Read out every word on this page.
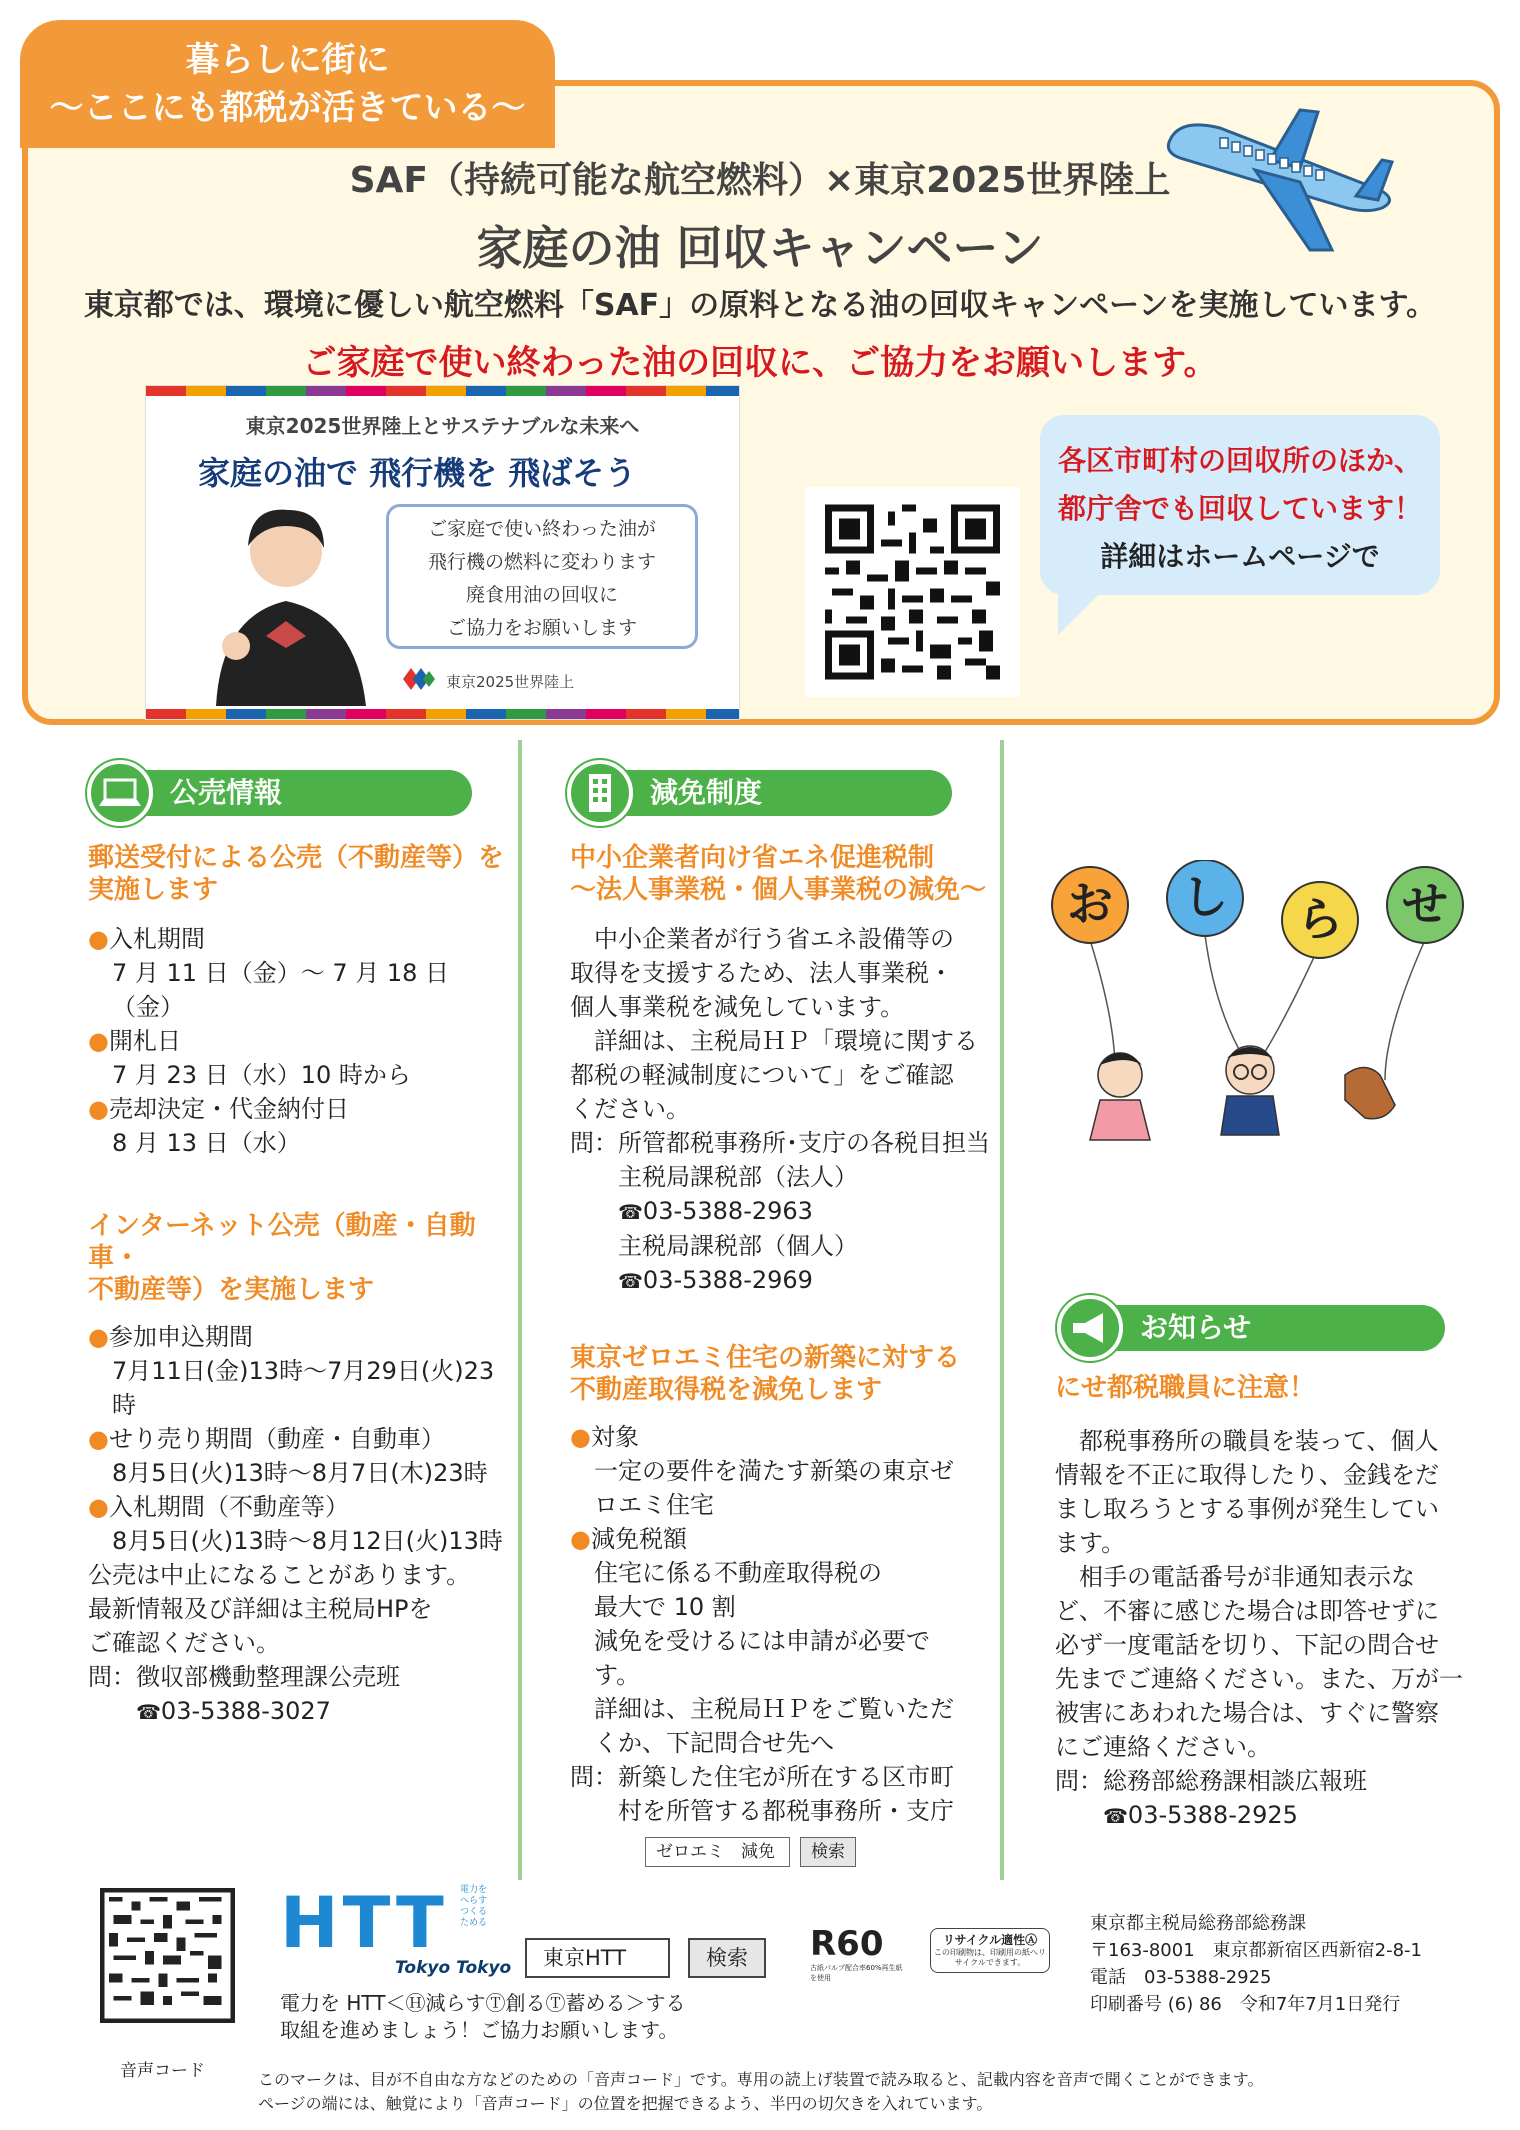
暮らしに街に
〜ここにも都税が活きている〜
SAF（持続可能な航空燃料）×東京2025世界陸上
家庭の油 回収キャンペーン
東京都では、環境に優しい航空燃料「SAF」の原料となる油の回収キャンペーンを実施しています。
ご家庭で使い終わった油の回収に、ご協力をお願いします。
東京2025世界陸上とサステナブルな未来へ
家庭の油で 飛行機を 飛ばそう
ご家庭で使い終わった油が
飛行機の燃料に変わります
廃食用油の回収に
ご協力をお願いします
東京2025世界陸上
各区市町村の回収所のほか、
都庁舎でも回収しています！
詳細はホームページで
公売情報
郵送受付による公売（不動産等）を
実施します
● 入札期間
7 月 11 日（金）〜 7 月 18 日（金）
● 開札日
7 月 23 日（水）10 時から
● 売却決定・代金納付日
8 月 13 日（水）
インターネット公売（動産・自動車・
不動産等）を実施します
● 参加申込期間
7月11日(金)13時〜7月29日(火)23時
● せり売り期間（動産・自動車）
8月5日(火)13時〜8月7日(木)23時
● 入札期間（不動産等）
8月5日(火)13時〜8月12日(火)13時
公売は中止になることがあります。
最新情報及び詳細は主税局HPを
ご確認ください。
問：徴収部機動整理課公売班
☎ 03-5388-3027
減免制度
中小企業者向け省エネ促進税制
〜法人事業税・個人事業税の減免〜
中小企業者が行う省エネ設備等の
取得を支援するため、法人事業税・
個人事業税を減免しています。
詳細は、主税局ＨＰ「環境に関する
都税の軽減制度について」をご確認
ください。
問：所管都税事務所･支庁の各税目担当
主税局課税部（法人）
☎ 03-5388-2963
主税局課税部（個人）
☎ 03-5388-2969
東京ゼロエミ住宅の新築に対する
不動産取得税を減免します
● 対象
一定の要件を満たす新築の東京ゼ
ロエミ住宅
● 減免税額
住宅に係る不動産取得税の
最大で 10 割
減免を受けるには申請が必要で
す。
詳細は、主税局ＨＰをご覧いただ
くか、下記問合せ先へ
問：新築した住宅が所在する区市町
村を所管する都税事務所・支庁
ゼロエミ　減免	検索
お し ら せ
お知らせ
にせ都税職員に注意！
都税事務所の職員を装って、個人
情報を不正に取得したり、金銭をだ
まし取ろうとする事例が発生してい
ます。
相手の電話番号が非通知表示な
ど、不審に感じた場合は即答せずに
必ず一度電話を切り、下記の問合せ
先までご連絡ください。また、万が一
被害にあわれた場合は、すぐに警察
にご連絡ください。
問：総務部総務課相談広報班
☎ 03-5388-2925
HTT 電力を
へらす
つくる
ためる
Tokyo Tokyo	東京HTT	検索
電力を HTT＜Ⓗ減らすⓉ創るⓉ蓄める＞する
取組を進めましょう！ご協力お願いします。
R60
古紙パルプ配合率60%再生紙を使用
リサイクル適性Ⓐ
この印刷物は、印刷用の紙へリサイクルできます。
東京都主税局総務部総務課
〒163-8001　東京都新宿区西新宿2-8-1
電話　03-5388-2925
印刷番号 (6) 86　令和7年7月1日発行
音声コード	このマークは、目が不自由な方などのための「音声コード」です。専用の読上げ装置で読み取ると、記載内容を音声で聞くことができます。
ページの端には、触覚により「音声コード」の位置を把握できるよう、半円の切欠きを入れています。
